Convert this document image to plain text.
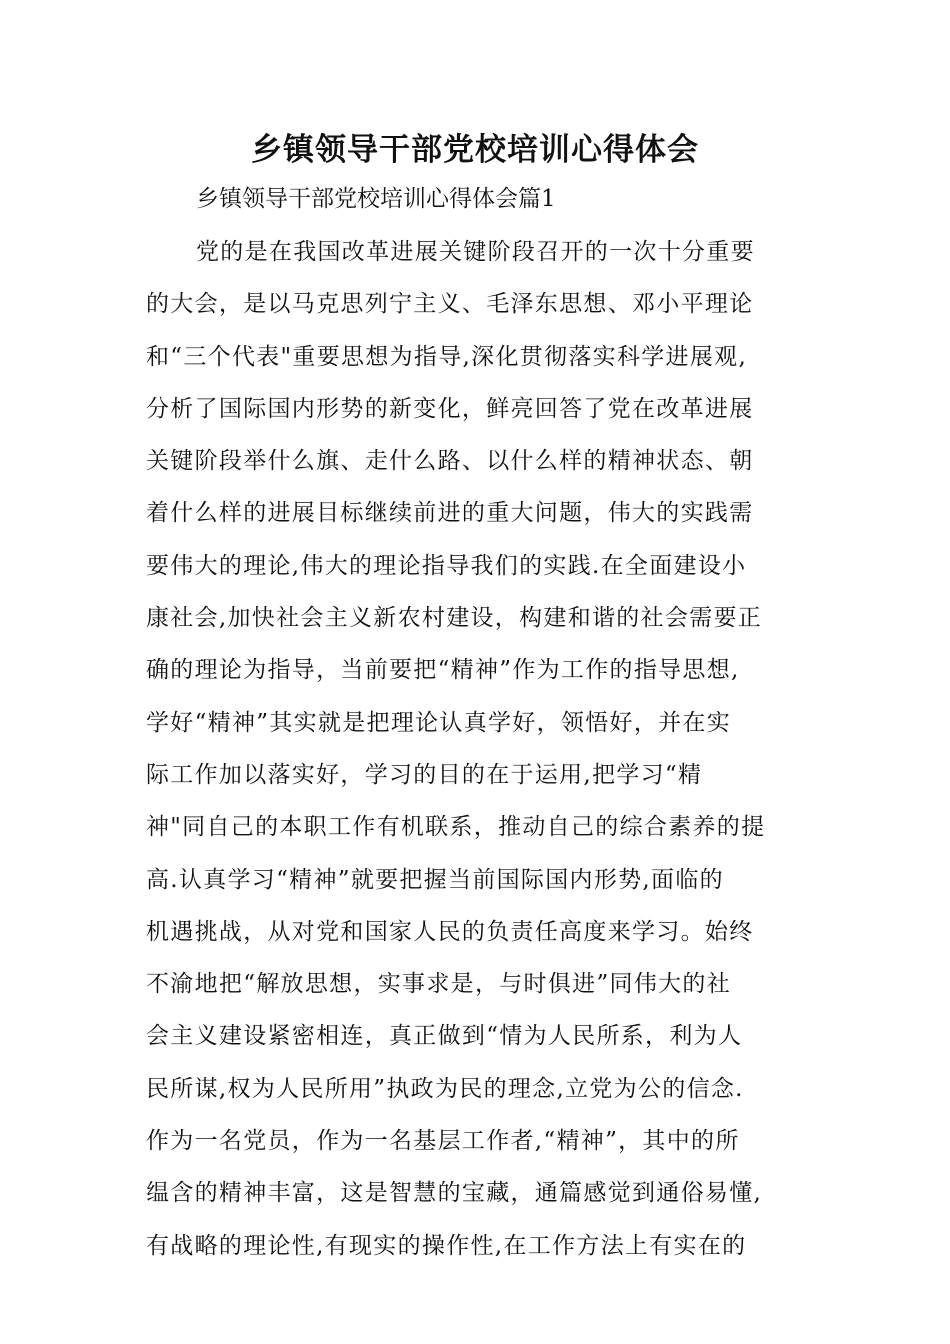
乡镇领导干部党校培训心得体会
乡镇领导干部党校培训心得体会篇1
党的是在我国改革进展关键阶段召开的一次十分重要
的大会，是以马克思列宁主义、毛泽东思想、邓小平理论
和“三个代表"重要思想为指导,深化贯彻落实科学进展观,
分析了国际国内形势的新变化，鲜亮回答了党在改革进展
关键阶段举什么旗、走什么路、以什么样的精神状态、朝
着什么样的进展目标继续前进的重大问题，伟大的实践需
要伟大的理论,伟大的理论指导我们的实践.在全面建设小
康社会,加快社会主义新农村建设，构建和谐的社会需要正
确的理论为指导，当前要把“精神”作为工作的指导思想,
学好“精神”其实就是把理论认真学好，领悟好，并在实
际工作加以落实好，学习的目的在于运用,把学习“精
神"同自己的本职工作有机联系，推动自己的综合素养的提
高.认真学习“精神”就要把握当前国际国内形势,面临的
机遇挑战，从对党和国家人民的负责任高度来学习。始终
不渝地把“解放思想，实事求是，与时俱进”同伟大的社
会主义建设紧密相连，真正做到“情为人民所系，利为人
民所谋,权为人民所用”执政为民的理念,立党为公的信念.
作为一名党员，作为一名基层工作者,“精神”，其中的所
缊含的精神丰富，这是智慧的宝藏，通篇感觉到通俗易懂,
有战略的理论性,有现实的操作性,在工作方法上有实在的
